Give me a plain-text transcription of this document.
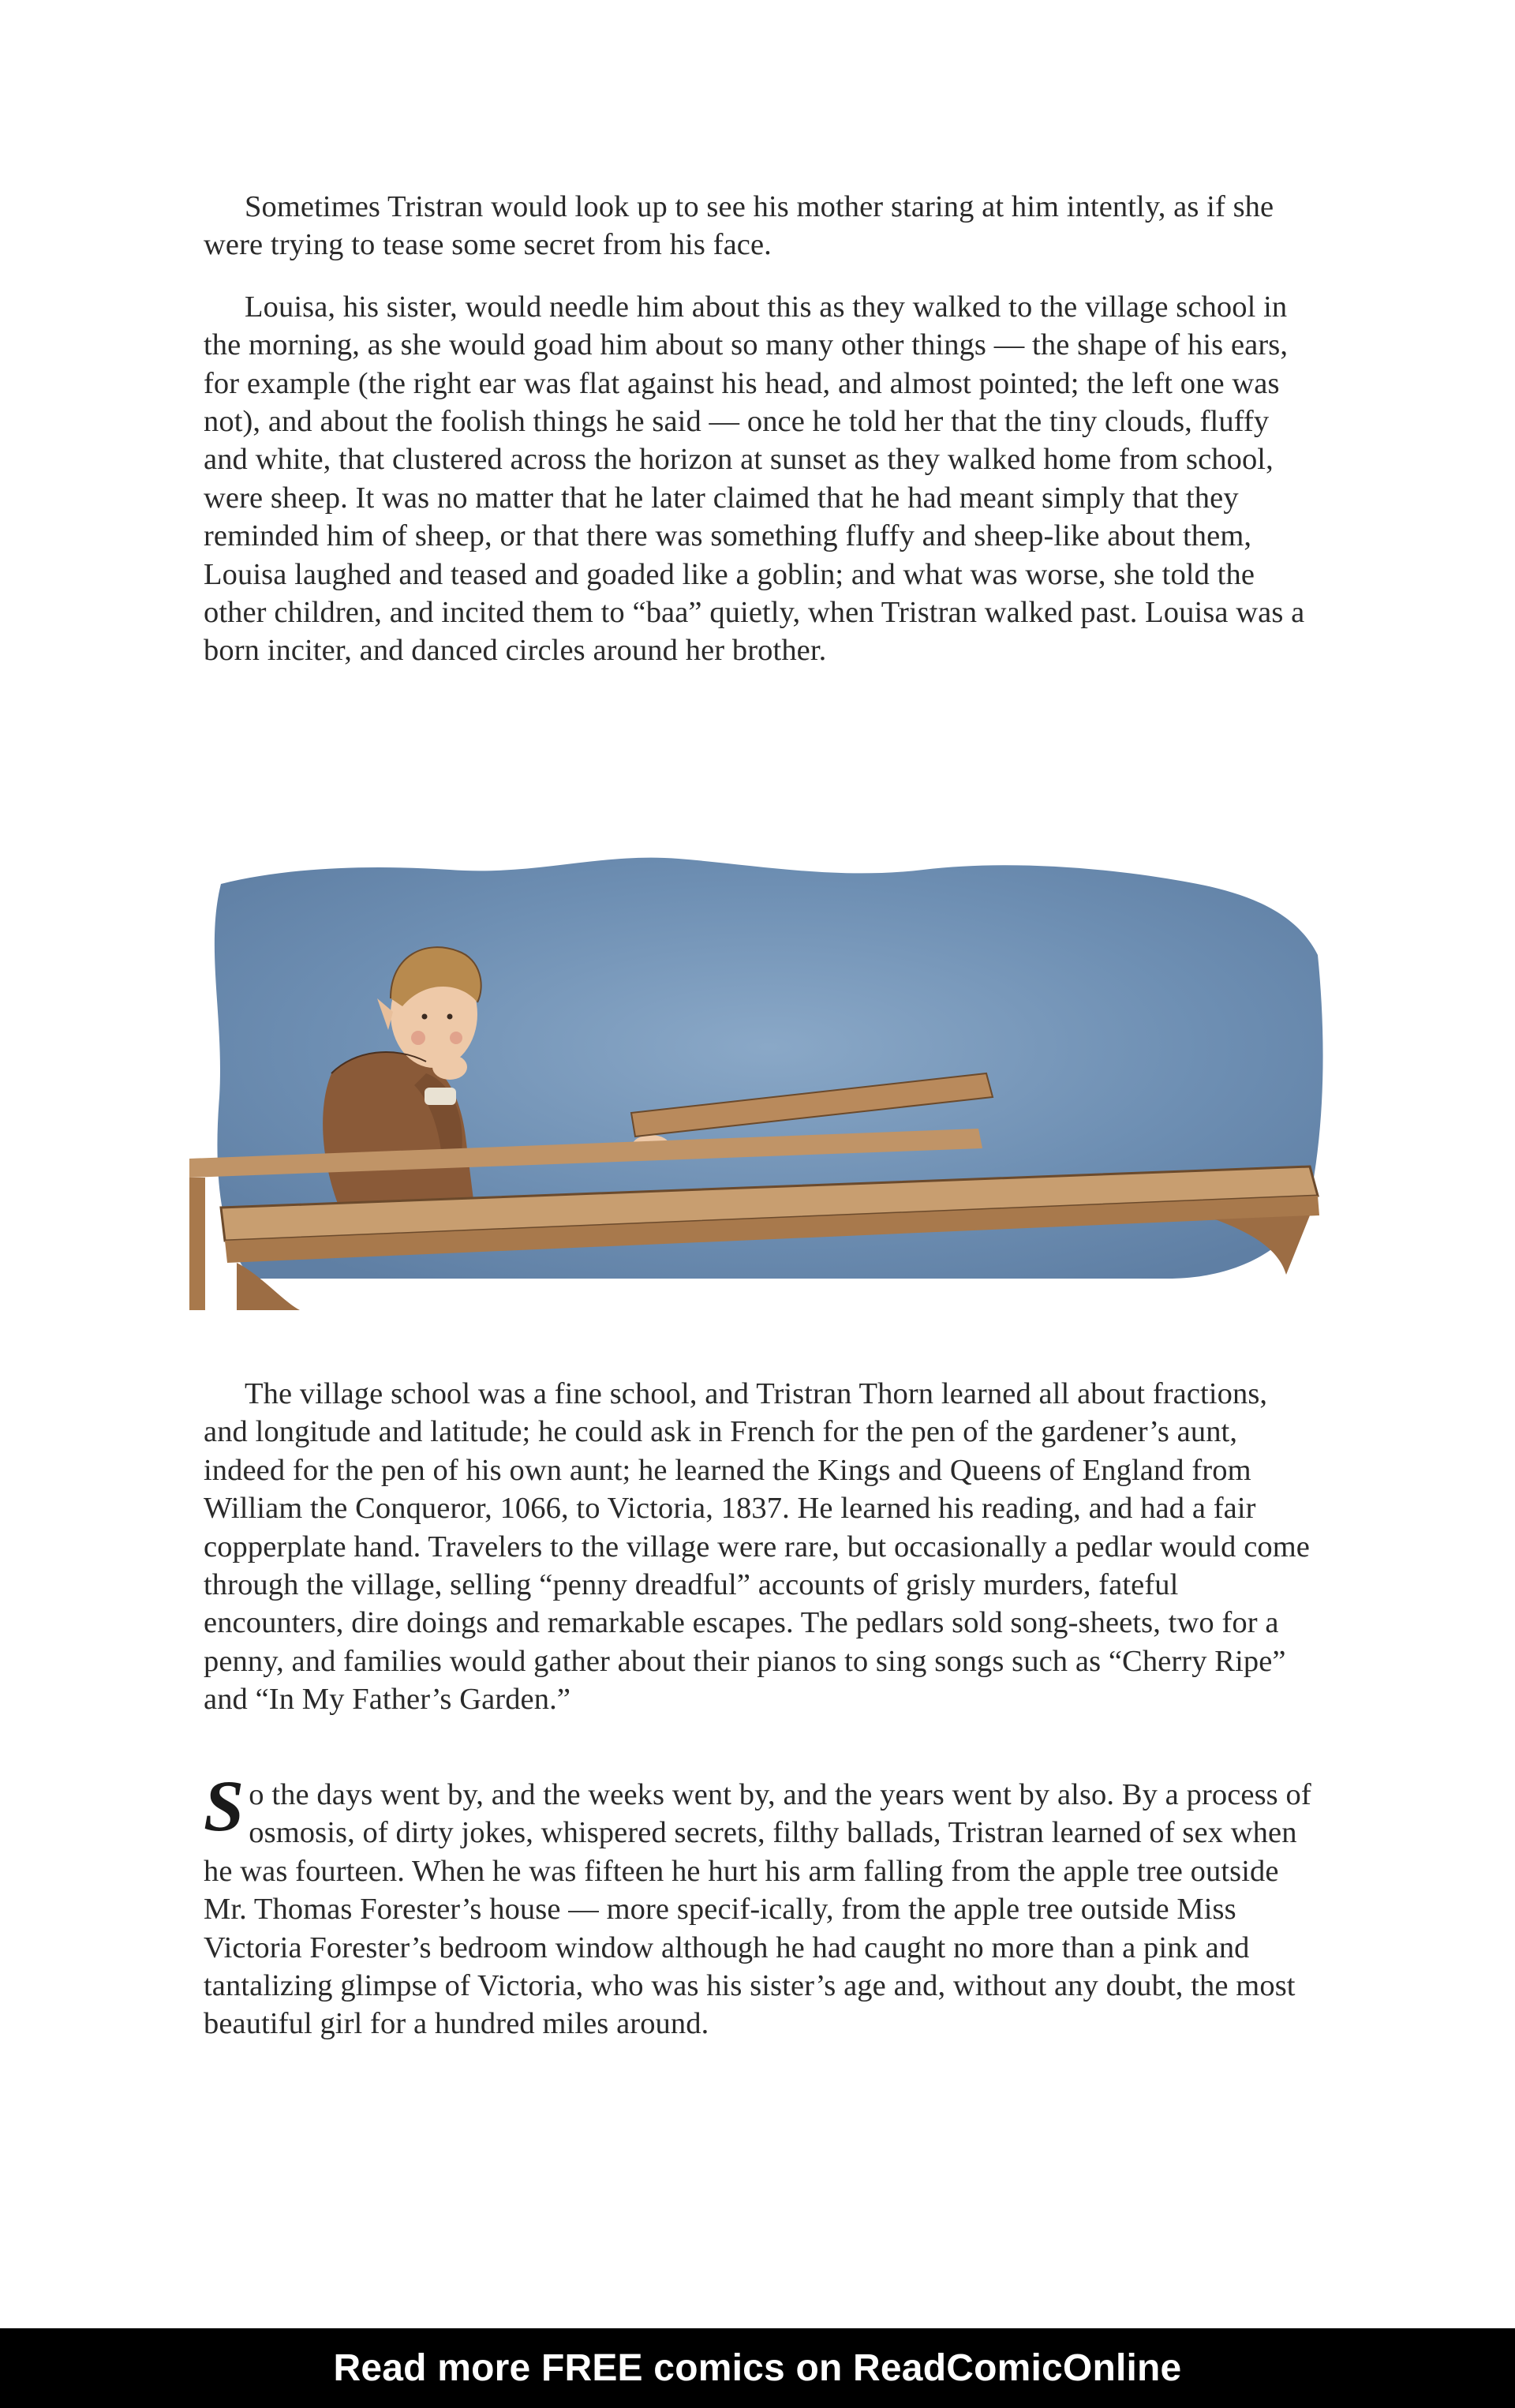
Sometimes Tristran would look up to see his mother staring at him intently, as if she were trying to tease some secret from his face.

Louisa, his sister, would needle him about this as they walked to the village school in the morning, as she would goad him about so many other things — the shape of his ears, for example (the right ear was flat against his head, and almost pointed; the left one was not), and about the foolish things he said — once he told her that the tiny clouds, fluffy and white, that clustered across the horizon at sunset as they walked home from school, were sheep. It was no matter that he later claimed that he had meant simply that they reminded him of sheep, or that there was something fluffy and sheep-like about them, Louisa laughed and teased and goaded like a goblin; and what was worse, she told the other children, and incited them to “baa” quietly, when Tristran walked past. Louisa was a born inciter, and danced circles around her brother.

The village school was a fine school, and Tristran Thorn learned all about fractions, and longitude and latitude; he could ask in French for the pen of the gardener’s aunt, indeed for the pen of his own aunt; he learned the Kings and Queens of England from William the Conqueror, 1066, to Victoria, 1837. He learned his reading, and had a fair copperplate hand. Travelers to the village were rare, but occasionally a pedlar would come through the village, selling “penny dreadful” accounts of grisly murders, fateful encounters, dire doings and remarkable escapes. The pedlars sold song-sheets, two for a penny, and families would gather about their pianos to sing songs such as “Cherry Ripe” and “In My Father’s Garden.”

So the days went by, and the weeks went by, and the years went by also. By a process of osmosis, of dirty jokes, whispered secrets, filthy ballads, Tristran learned of sex when he was fourteen. When he was fifteen he hurt his arm falling from the apple tree outside Mr. Thomas Forester’s house — more specif-ically, from the apple tree outside Miss Victoria Forester’s bedroom window although he had caught no more than a pink and tantalizing glimpse of Victoria, who was his sister’s age and, without any doubt, the most beautiful girl for a hundred miles around.

Read more FREE comics on ReadComicOnline
